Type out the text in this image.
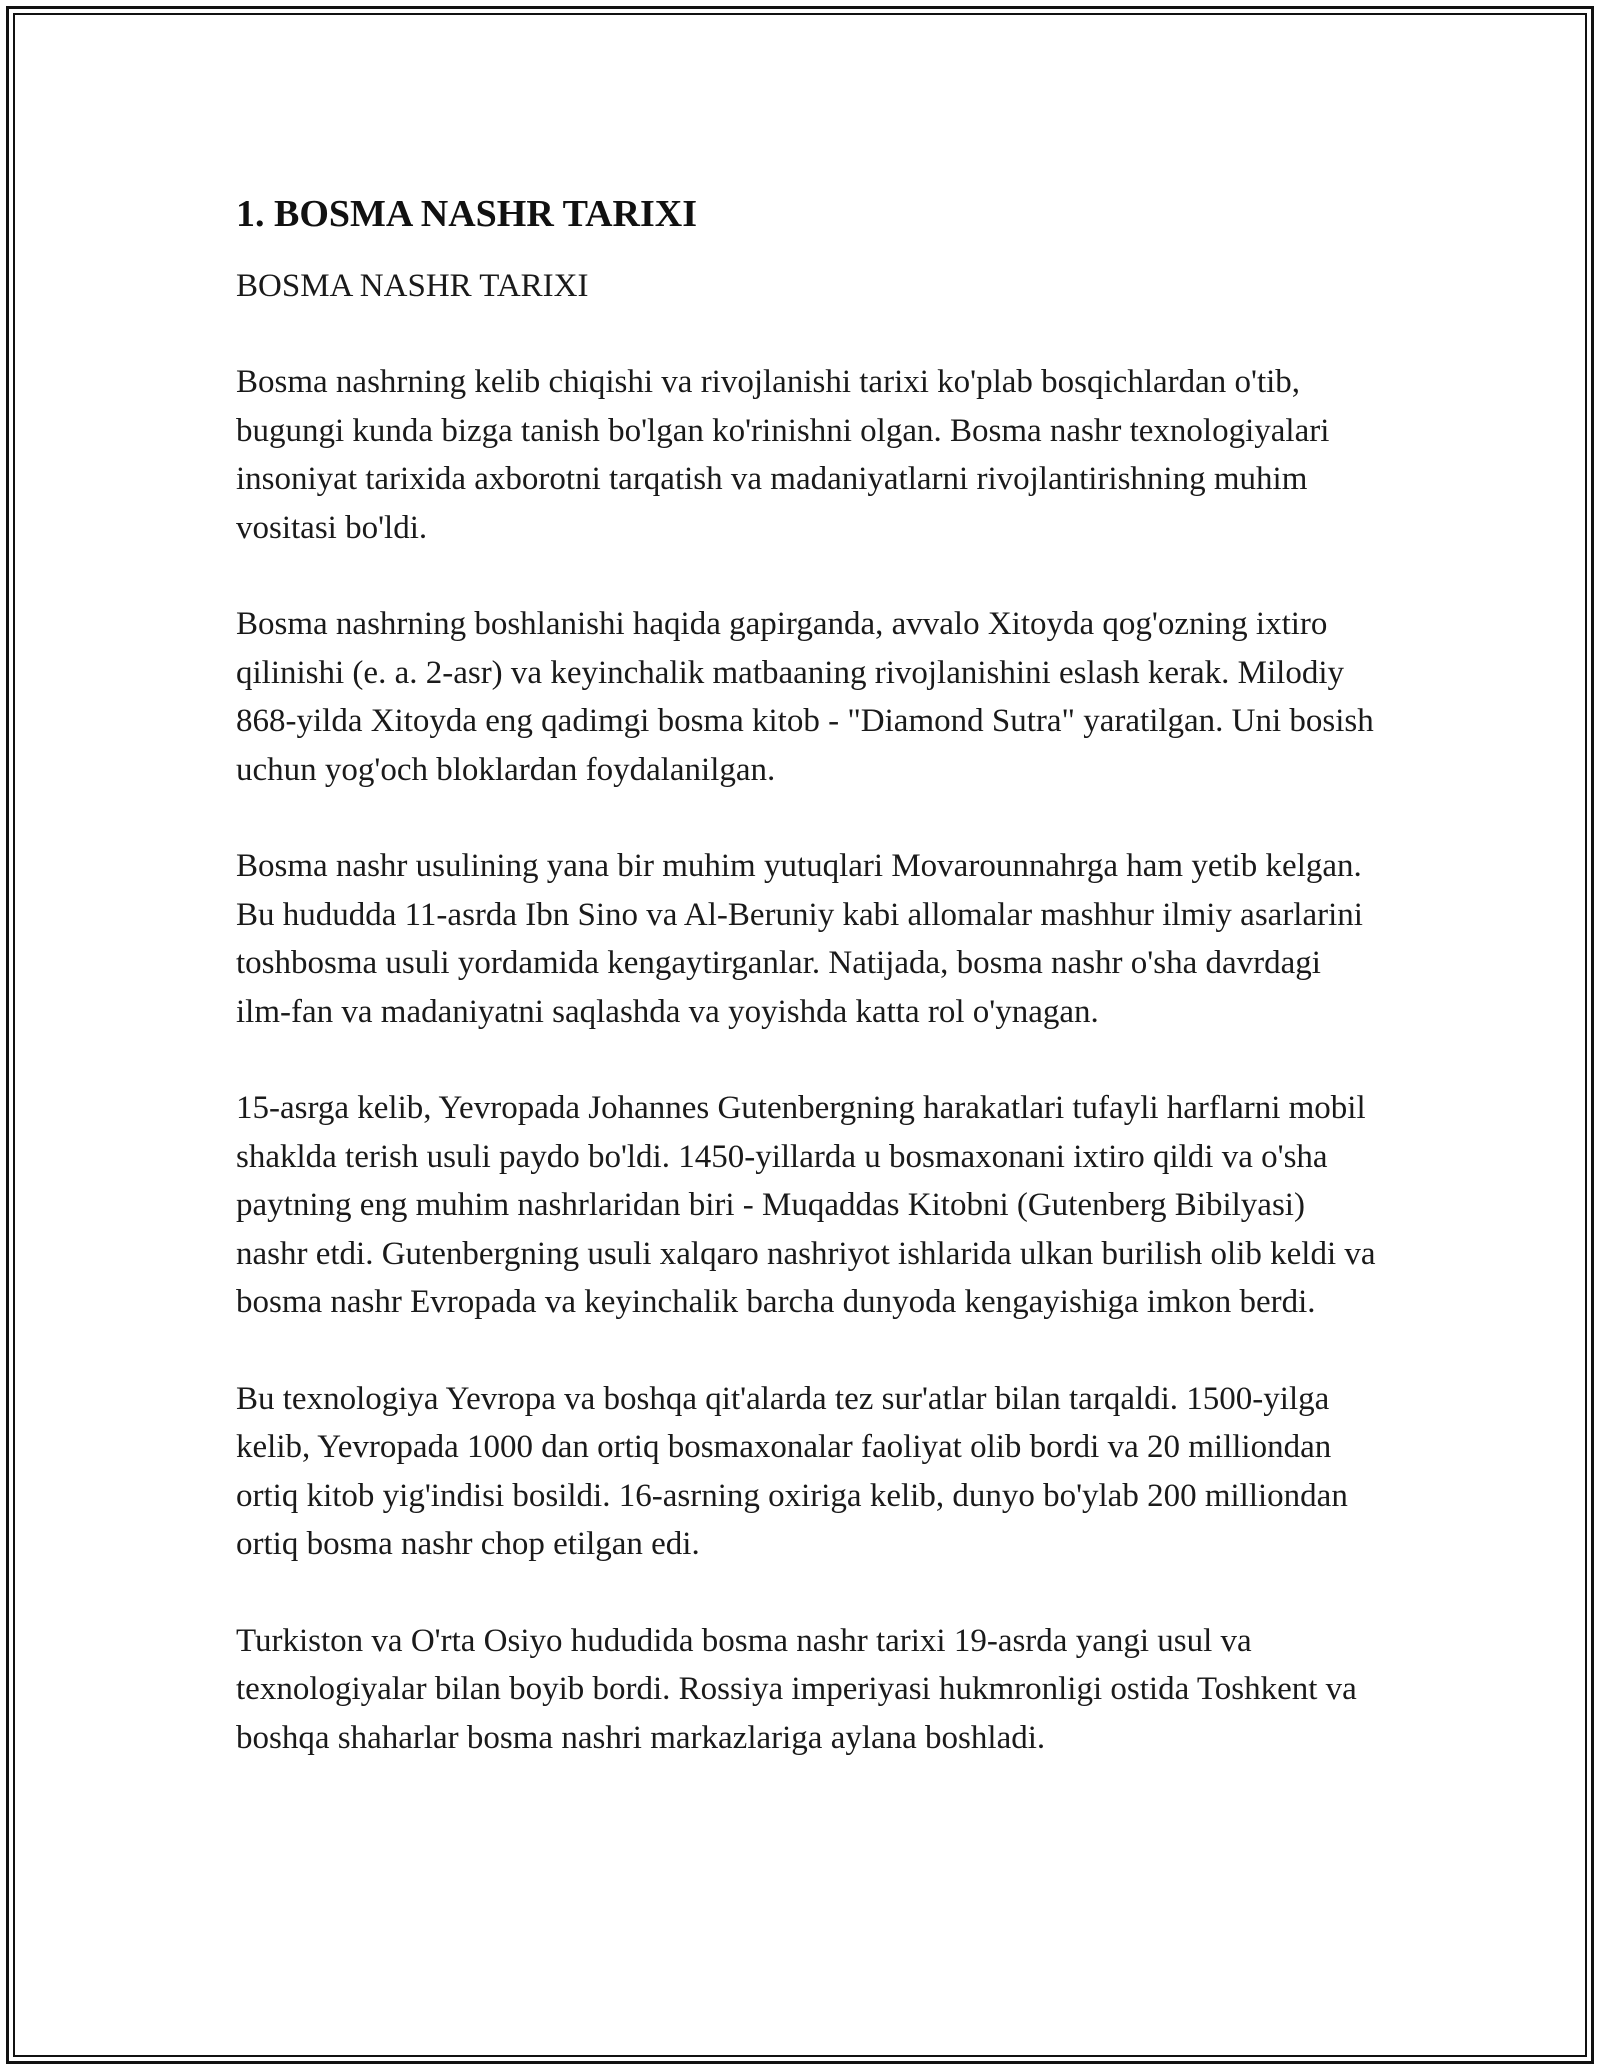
1. BOSMA NASHR TARIXI

BOSMA NASHR TARIXI

Bosma nashrning kelib chiqishi va rivojlanishi tarixi ko'plab bosqichlardan o'tib, bugungi kunda bizga tanish bo'lgan ko'rinishni olgan. Bosma nashr texnologiyalari insoniyat tarixida axborotni tarqatish va madaniyatlarni rivojlantirishning muhim vositasi bo'ldi.

Bosma nashrning boshlanishi haqida gapirganda, avvalo Xitoyda qog'ozning ixtiro qilinishi (e. a. 2-asr) va keyinchalik matbaaning rivojlanishini eslash kerak. Milodiy 868-yilda Xitoyda eng qadimgi bosma kitob - "Diamond Sutra" yaratilgan. Uni bosish uchun yog'och bloklardan foydalanilgan.

Bosma nashr usulining yana bir muhim yutuqlari Movarounnahrga ham yetib kelgan. Bu hududda 11-asrda Ibn Sino va Al-Beruniy kabi allomalar mashhur ilmiy asarlarini toshbosma usuli yordamida kengaytirganlar. Natijada, bosma nashr o'sha davrdagi ilm-fan va madaniyatni saqlashda va yoyishda katta rol o'ynagan.

15-asrga kelib, Yevropada Johannes Gutenbergning harakatlari tufayli harflarni mobil shakldа terish usuli paydo bo'ldi. 1450-yillarda u bosmaxonani ixtiro qildi va o'sha paytning eng muhim nashrlaridan biri - Muqaddas Kitobni (Gutenberg Bibilyasi) nashr etdi. Gutenbergning usuli xalqaro nashriyot ishlarida ulkan burilish olib keldi va bosma nashr Evropada va keyinchalik barcha dunyoda kengayishiga imkon berdi.

Bu texnologiya Yevropa va boshqa qit'alarda tez sur'atlar bilan tarqaldi. 1500-yilga kelib, Yevropada 1000 dan ortiq bosmaxonalar faoliyat olib bordi va 20 milliondan ortiq kitob yig'indisi bosildi. 16-asrning oxiriga kelib, dunyo bo'ylab 200 milliondan ortiq bosma nashr chop etilgan edi.

Turkiston va O'rta Osiyo hududida bosma nashr tarixi 19-asrda yangi usul va texnologiyalar bilan boyib bordi. Rossiya imperiyasi hukmronligi ostida Toshkent va boshqa shaharlar bosma nashri markazlariga aylana boshladi.
